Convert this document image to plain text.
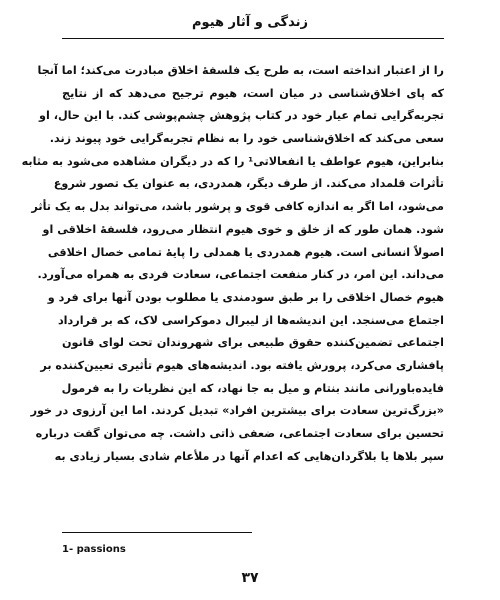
زندگی و آثار هیوم
را از اعتبار انداخته است، به طرح یک فلسفهٔ اخلاق مبادرت می‌کند؛ اما آنجا
که پای اخلاق‌شناسی در میان است، هیوم ترجیح می‌دهد که از نتایج
تجربه‌گرایی تمام عیار خود در کتاب پژوهش چشم‌پوشی کند. با این حال، او
سعی می‌کند که اخلاق‌شناسی خود را به نظام تجربه‌گرایی خود پیوند زند.
بنابراین، هیوم عواطف یا انفعالاتی¹ را که در دیگران مشاهده می‌شود به مثابه
تأثرات قلمداد می‌کند. از طرف دیگر، همدردی، به عنوان یک تصور شروع
می‌شود، اما اگر به اندازه کافی قوی و پرشور باشد، می‌تواند بدل به یک تأثر
شود. همان طور که از خلق و خوی هیوم انتظار می‌رود، فلسفهٔ اخلاقی او
اصولاً انسانی است. هیوم همدردی یا همدلی را پایهٔ تمامی خصال اخلاقی
می‌داند. این امر، در کنار منفعت اجتماعی، سعادت فردی به همراه می‌آورد.
هیوم خصال اخلاقی را بر طبق سودمندی یا مطلوب بودن آنها برای فرد و
اجتماع می‌سنجد. این اندیشه‌ها از لیبرال دموکراسی لاک، که بر قرارداد
اجتماعی تضمین‌کننده حقوق طبیعی برای شهروندان تحت لوای قانون
پافشاری می‌کرد، پرورش یافته بود. اندیشه‌های هیوم تأثیری تعیین‌کننده بر
فایده‌باورانی مانند بنتام و میل به جا نهاد، که این نظریات را به فرمول
«بزرگ‌ترین سعادت برای بیشترین افراد» تبدیل کردند. اما این آرزوی در خور
تحسین برای سعادت اجتماعی، ضعفی ذاتی داشت. چه می‌توان گفت درباره
سپر بلاها یا بلاگردان‌هایی که اعدام آنها در ملأعام شادی بسیار زیادی به
1- passions
۳۷
